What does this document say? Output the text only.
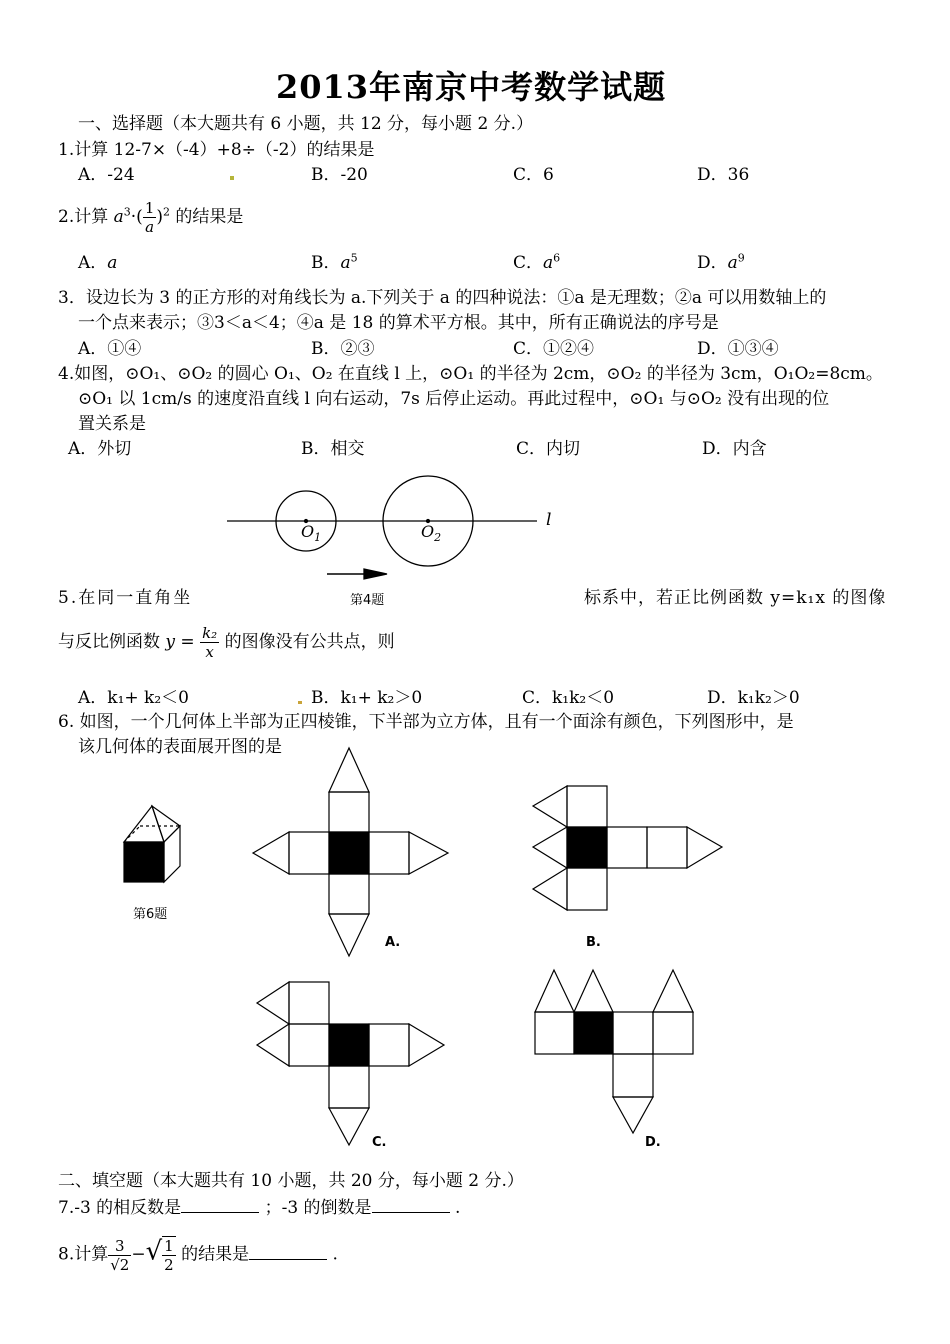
2013年南京中考数学试题
一、选择题（本大题共有 6 小题，共 12 分，每小题 2 分.）
1.计算 12-7×（-4）+8÷（-2）的结果是
A．-24	B．-20	C．6	D．36
2.计算 $a^3\cdot( \frac{1}{a} )^2$ 的结果是
A．a	B．$a^5$	C．$a^6$	D．$a^9$
3．设边长为 3 的正方形的对角线长为 a.下列关于 a 的四种说法：①a 是无理数；②a 可以用数轴上的
一个点来表示；③3＜a＜4；④a 是 18 的算术平方根。其中，所有正确说法的序号是
A．①④	B．②③	C．①②④	D．①③④
4.如图，⊙O₁、⊙O₂ 的圆心 O₁、O₂ 在直线 l 上，⊙O₁ 的半径为 2cm，⊙O₂ 的半径为 3cm，O₁O₂=8cm。
⊙O₁ 以 1cm/s 的速度沿直线 l 向右运动，7s 后停止运动。再此过程中，⊙O₁ 与⊙O₂ 没有出现的位
置关系是
A．外切	B．相交	C．内切	D．内含
$O_1$	$O_2$
l
第4题
5.在同一直角坐	标系中，若正比例函数 y=k₁x 的图像
与反比例函数 $y = \frac{\text{k₂}}{x}$ 的图像没有公共点，则
A．k₁+ k₂＜0	B．k₁+ k₂＞0	C．k₁k₂＜0	D．k₁k₂＞0
6. 如图，一个几何体上半部为正四棱锥，下半部为立方体，且有一个面涂有颜色，下列图形中，是
该几何体的表面展开图的是
第6题
A.	B.
C.	D.
二、填空题（本大题共有 10 小题，共 20 分，每小题 2 分.）
7.-3 的相反数是	；-3 的倒数是	.
8.计算 $\frac{3}{√2}$ −√ $\frac{1}{2}$ 的结果是	.
